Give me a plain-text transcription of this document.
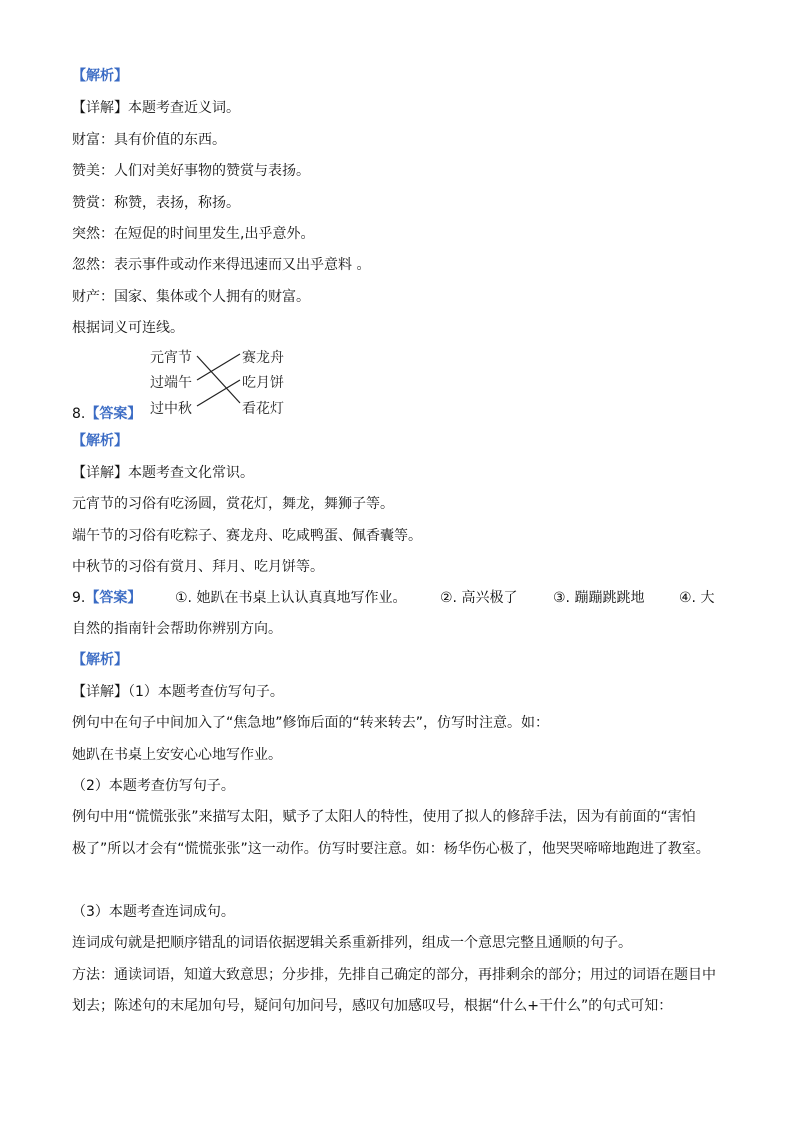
【解析】
【详解】本题考查近义词。
财富：具有价值的东西。
赞美：人们对美好事物的赞赏与表扬。
赞赏：称赞，表扬，称扬。
突然：在短促的时间里发生,出乎意外。
忽然：表示事件或动作来得迅速而又出乎意料 。
财产：国家、集体或个人拥有的财富。
根据词义可连线。
元宵节
过端午
过中秋
赛龙舟
吃月饼
看花灯
8.【答案】
【解析】
【详解】本题考查文化常识。
元宵节的习俗有吃汤圆，赏花灯，舞龙，舞狮子等。
端午节的习俗有吃粽子、赛龙舟、吃咸鸭蛋、佩香囊等。
中秋节的习俗有赏月、拜月、吃月饼等。
9.【答案】 ①. 她趴在书桌上认认真真地写作业。 ②. 高兴极了	③. 蹦蹦跳跳地 ④. 大
自然的指南针会帮助你辨别方向。
【解析】
【详解】（1）本题考查仿写句子。
例句中在句子中间加入了“焦急地”修饰后面的“转来转去”，仿写时注意。如：
她趴在书桌上安安心心地写作业。
（2）本题考查仿写句子。
例句中用“慌慌张张”来描写太阳，赋予了太阳人的特性，使用了拟人的修辞手法，因为有前面的“害怕
极了”所以才会有“慌慌张张”这一动作。仿写时要注意。如：杨华伤心极了，他哭哭啼啼地跑进了教室。
（3）本题考查连词成句。
连词成句就是把顺序错乱的词语依据逻辑关系重新排列，组成一个意思完整且通顺的句子。
方法：通读词语，知道大致意思；分步排，先排自己确定的部分，再排剩余的部分；用过的词语在题目中
划去；陈述句的末尾加句号，疑问句加问号，感叹句加感叹号，根据“什么+干什么”的句式可知：
